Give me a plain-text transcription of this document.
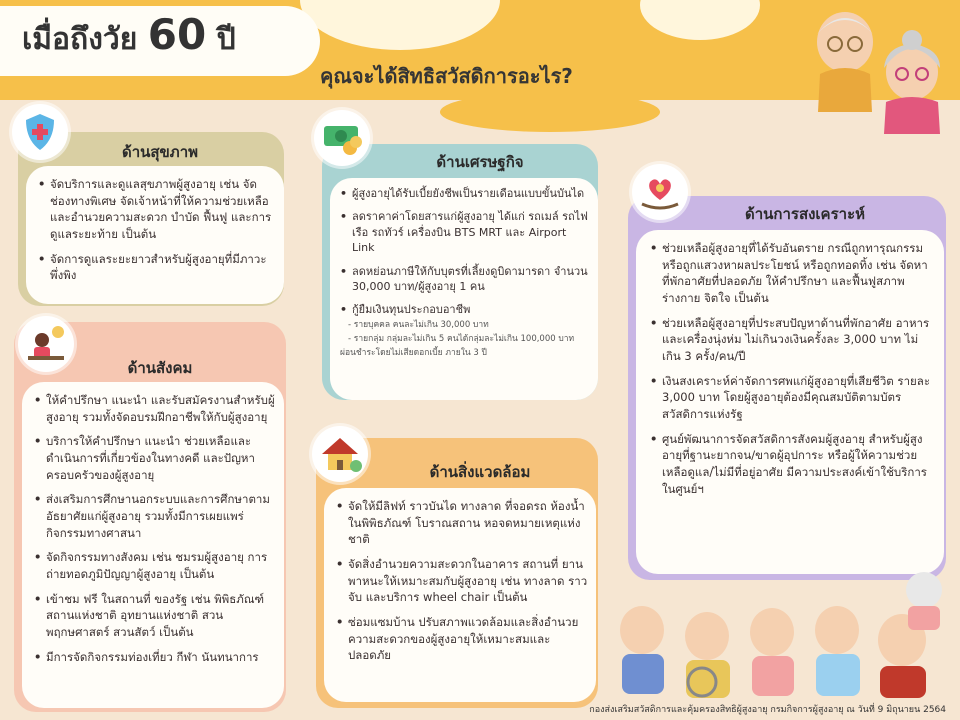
เมื่อถึงวัย 60 ปี
คุณจะได้สิทธิสวัสดิการอะไร?
• จัดบริการและดูแลสุขภาพผู้สูงอายุ เช่น จัดช่องทางพิเศษ จัดเจ้าหน้าที่ให้ความช่วยเหลือและอำนวยความสะดวก บำบัด ฟื้นฟู และการดูแลระยะท้าย เป็นต้น
• จัดการดูแลระยะยาวสำหรับผู้สูงอายุที่มีภาวะพึ่งพิง
ด้านสุขภาพ
• ให้คำปรึกษา แนะนำ และรับสมัครงานสำหรับผู้สูงอายุ รวมทั้งจัดอบรมฝึกอาชีพให้กับผู้สูงอายุ
• บริการให้คำปรึกษา แนะนำ ช่วยเหลือและดำเนินการที่เกี่ยวข้องในทางคดี และปัญหาครอบครัวของผู้สูงอายุ
• ส่งเสริมการศึกษานอกระบบและการศึกษาตามอัธยาศัยแก่ผู้สูงอายุ รวมทั้งมีการเผยแพร่กิจกรรมทางศาสนา
• จัดกิจกรรมทางสังคม เช่น ชมรมผู้สูงอายุ การถ่ายทอดภูมิปัญญาผู้สูงอายุ เป็นต้น
• เข้าชม ฟรี ในสถานที่ ของรัฐ เช่น พิพิธภัณฑ์สถานแห่งชาติ อุทยานแห่งชาติ สวนพฤกษศาสตร์ สวนสัตว์ เป็นต้น
• มีการจัดกิจกรรมท่องเที่ยว กีฬา นันทนาการ
ด้านสังคม
• ผู้สูงอายุได้รับเบี้ยยังชีพเป็นรายเดือนแบบขั้นบันได
• ลดราคาค่าโดยสารแก่ผู้สูงอายุ ได้แก่ รถเมล์ รถไฟ เรือ รถทัวร์ เครื่องบิน BTS MRT และ Airport Link
• ลดหย่อนภาษีให้กับบุตรที่เลี้ยงดูบิดามารดา จำนวน 30,000 บาท/ผู้สูงอายุ 1 คน
• กู้ยืมเงินทุนประกอบอาชีพ
- รายบุคคล คนละไม่เกิน 30,000 บาท
- รายกลุ่ม กลุ่มละไม่เกิน 5 คนได้กลุ่มละไม่เกิน 100,000 บาท
ผ่อนชำระโดยไม่เสียดอกเบี้ย ภายใน 3 ปี
ด้านเศรษฐกิจ
• จัดให้มีลิฟท์ ราวบันได ทางลาด ที่จอดรถ ห้องน้ำ ในพิพิธภัณฑ์ โบราณสถาน หอจดหมายเหตุแห่งชาติ
• จัดสิ่งอำนวยความสะดวกในอาคาร สถานที่ ยานพาหนะให้เหมาะสมกับผู้สูงอายุ เช่น ทางลาด ราวจับ และบริการ wheel chair เป็นต้น
• ซ่อมแซมบ้าน ปรับสภาพแวดล้อมและสิ่งอำนวยความสะดวกของผู้สูงอายุให้เหมาะสมและปลอดภัย
ด้านสิ่งแวดล้อม
• ช่วยเหลือผู้สูงอายุที่ได้รับอันตราย กรณีถูกทารุณกรรม หรือถูกแสวงหาผลประโยชน์ หรือถูกทอดทิ้ง เช่น จัดหาที่พักอาศัยที่ปลอดภัย ให้คำปรึกษา และฟื้นฟูสภาพร่างกาย จิตใจ เป็นต้น
• ช่วยเหลือผู้สูงอายุที่ประสบปัญหาด้านที่พักอาศัย อาหาร และเครื่องนุ่งห่ม ไม่เกินวงเงินครั้งละ 3,000 บาท ไม่เกิน 3 ครั้ง/คน/ปี
• เงินสงเคราะห์ค่าจัดการศพแก่ผู้สูงอายุที่เสียชีวิต รายละ 3,000 บาท โดยผู้สูงอายุต้องมีคุณสมบัติตามบัตรสวัสดิการแห่งรัฐ
• ศูนย์พัฒนาการจัดสวัสดิการสังคมผู้สูงอายุ สำหรับผู้สูงอายุที่ฐานะยากจน/ขาดผู้อุปการะ หรือผู้ให้ความช่วยเหลือดูแล/ไม่มีที่อยู่อาศัย มีความประสงค์เข้าใช้บริการในศูนย์ฯ
ด้านการสงเคราะห์
กองส่งเสริมสวัสดิการและคุ้มครองสิทธิผู้สูงอายุ กรมกิจการผู้สูงอายุ ณ วันที่ 9 มิถุนายน 2564
